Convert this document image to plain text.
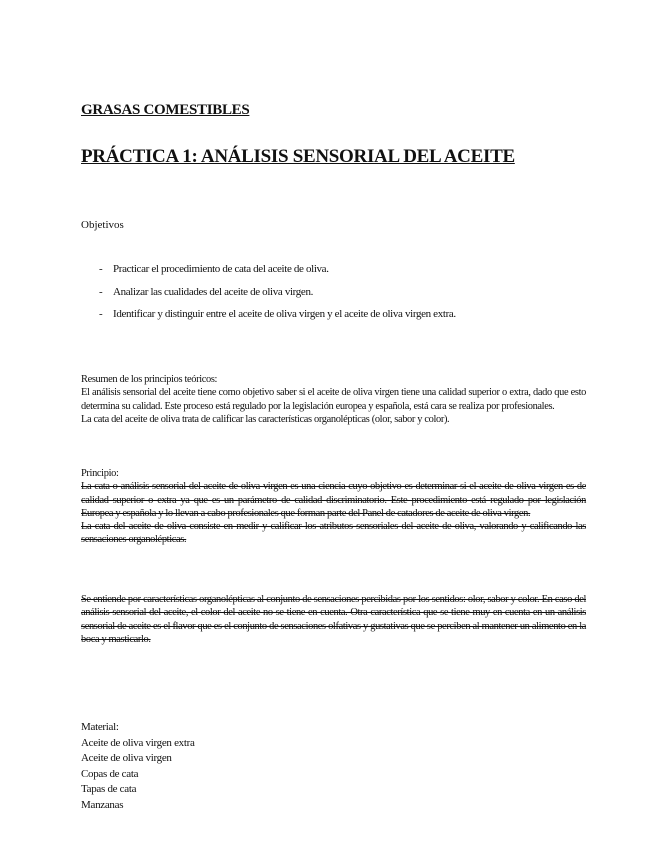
GRASAS COMESTIBLES
PRÁCTICA 1: ANÁLISIS SENSORIAL DEL ACEITE
Objetivos
- Practicar el procedimiento de cata del aceite de oliva.
- Analizar las cualidades del aceite de oliva virgen.
- Identificar y distinguir entre el aceite de oliva virgen y el aceite de oliva virgen extra.

Resumen de los principios teóricos:

El análisis sensorial del aceite tiene como objetivo saber si el aceite de oliva virgen tiene una calidad superior o extra, dado que esto determina su calidad. Este proceso está regulado por la legislación europea y española, está cara se realiza por profesionales.

La cata del aceite de oliva trata de calificar las características organolépticas (olor, sabor y color).

Principio:

La cata o análisis sensorial del aceite de oliva virgen es una ciencia cuyo objetivo es determinar si el aceite de oliva virgen es de calidad superior o extra ya que es un parámetro de calidad discriminatorio. Este procedimiento está regulado por legislación Europea y española y lo llevan a cabo profesionales que forman parte del Panel de catadores de aceite de oliva virgen.

La cata del aceite de oliva consiste en medir y calificar los atributos sensoriales del aceite de oliva, valorando y calificando las sensaciones organolépticas.

Se entiende por características organolépticas al conjunto de sensaciones percibidas por los sentidos: olor, sabor y color. En caso del análisis sensorial del aceite, el color del aceite no se tiene en cuenta. Otra característica que se tiene muy en cuenta en un análisis sensorial de aceite es el flavor que es el conjunto de sensaciones olfativas y gustativas que se perciben al mantener un alimento en la boca y masticarlo.

Material:
Aceite de oliva virgen extra
Aceite de oliva virgen
Copas de cata
Tapas de cata
Manzanas
